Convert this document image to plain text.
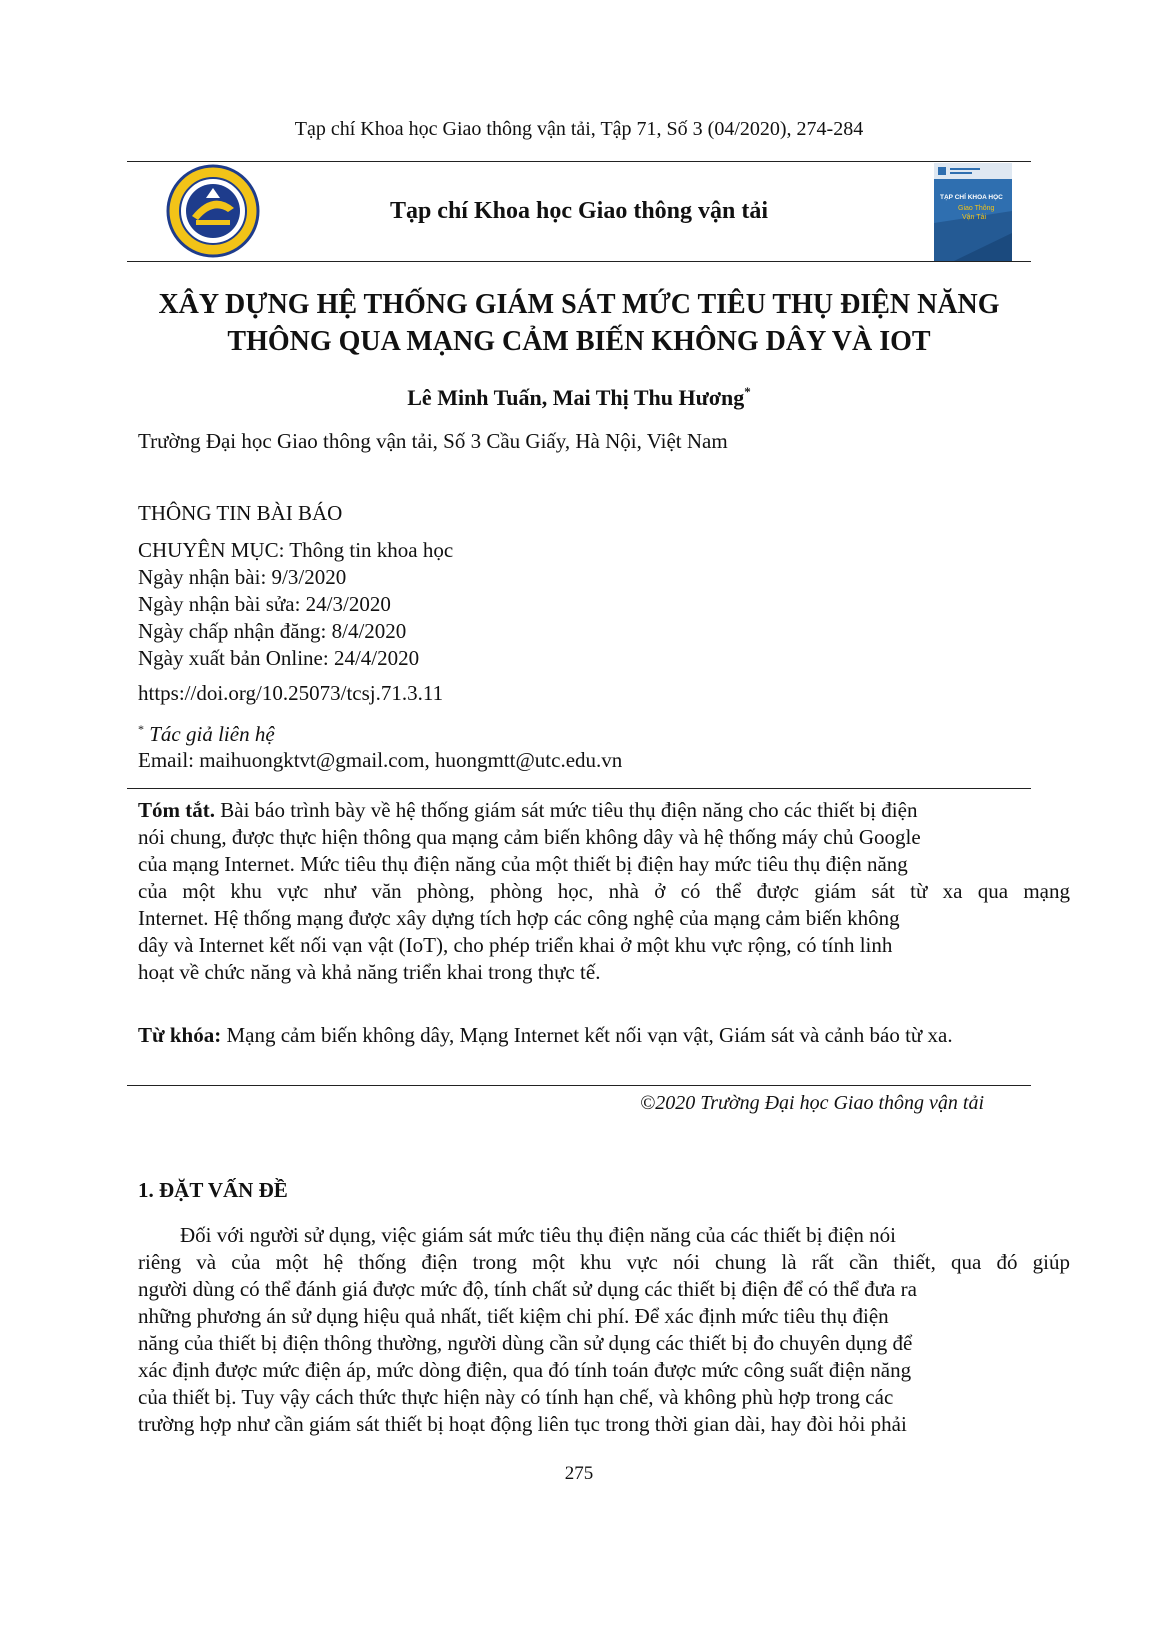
Tạp chí Khoa học Giao thông vận tải, Tập 71, Số 3 (04/2020), 274-284
Tạp chí Khoa học Giao thông vận tải
TẠP CHÍ KHOA HỌC
Giao Thông
Vận Tải
XÂY DỰNG HỆ THỐNG GIÁM SÁT MỨC TIÊU THỤ ĐIỆN NĂNG
THÔNG QUA MẠNG CẢM BIẾN KHÔNG DÂY VÀ IOT
Lê Minh Tuấn, Mai Thị Thu Hương*
Trường Đại học Giao thông vận tải, Số 3 Cầu Giấy, Hà Nội, Việt Nam
THÔNG TIN BÀI BÁO
CHUYÊN MỤC: Thông tin khoa học
Ngày nhận bài: 9/3/2020
Ngày nhận bài sửa: 24/3/2020
Ngày chấp nhận đăng: 8/4/2020
Ngày xuất bản Online: 24/4/2020
https://doi.org/10.25073/tcsj.71.3.11
* Tác giả liên hệ
Email: maihuongktvt@gmail.com, huongmtt@utc.edu.vn
Tóm tắt. Bài báo trình bày về hệ thống giám sát mức tiêu thụ điện năng cho các thiết bị điện
nói chung, được thực hiện thông qua mạng cảm biến không dây và hệ thống máy chủ Google
của mạng Internet. Mức tiêu thụ điện năng của một thiết bị điện hay mức tiêu thụ điện năng
của một khu vực như văn phòng, phòng học, nhà ở có thể được giám sát từ xa qua mạng
Internet. Hệ thống mạng được xây dựng tích hợp các công nghệ của mạng cảm biến không
dây và Internet kết nối vạn vật (IoT), cho phép triển khai ở một khu vực rộng, có tính linh
hoạt về chức năng và khả năng triển khai trong thực tế.
Từ khóa: Mạng cảm biến không dây, Mạng Internet kết nối vạn vật, Giám sát và cảnh báo từ xa.
©2020 Trường Đại học Giao thông vận tải
1. ĐẶT VẤN ĐỀ
Đối với người sử dụng, việc giám sát mức tiêu thụ điện năng của các thiết bị điện nói
riêng và của một hệ thống điện trong một khu vực nói chung là rất cần thiết, qua đó giúp
người dùng có thể đánh giá được mức độ, tính chất sử dụng các thiết bị điện để có thể đưa ra
những phương án sử dụng hiệu quả nhất, tiết kiệm chi phí. Để xác định mức tiêu thụ điện
năng của thiết bị điện thông thường, người dùng cần sử dụng các thiết bị đo chuyên dụng để
xác định được mức điện áp, mức dòng điện, qua đó tính toán được mức công suất điện năng
của thiết bị. Tuy vậy cách thức thực hiện này có tính hạn chế, và không phù hợp trong các
trường hợp như cần giám sát thiết bị hoạt động liên tục trong thời gian dài, hay đòi hỏi phải
275
